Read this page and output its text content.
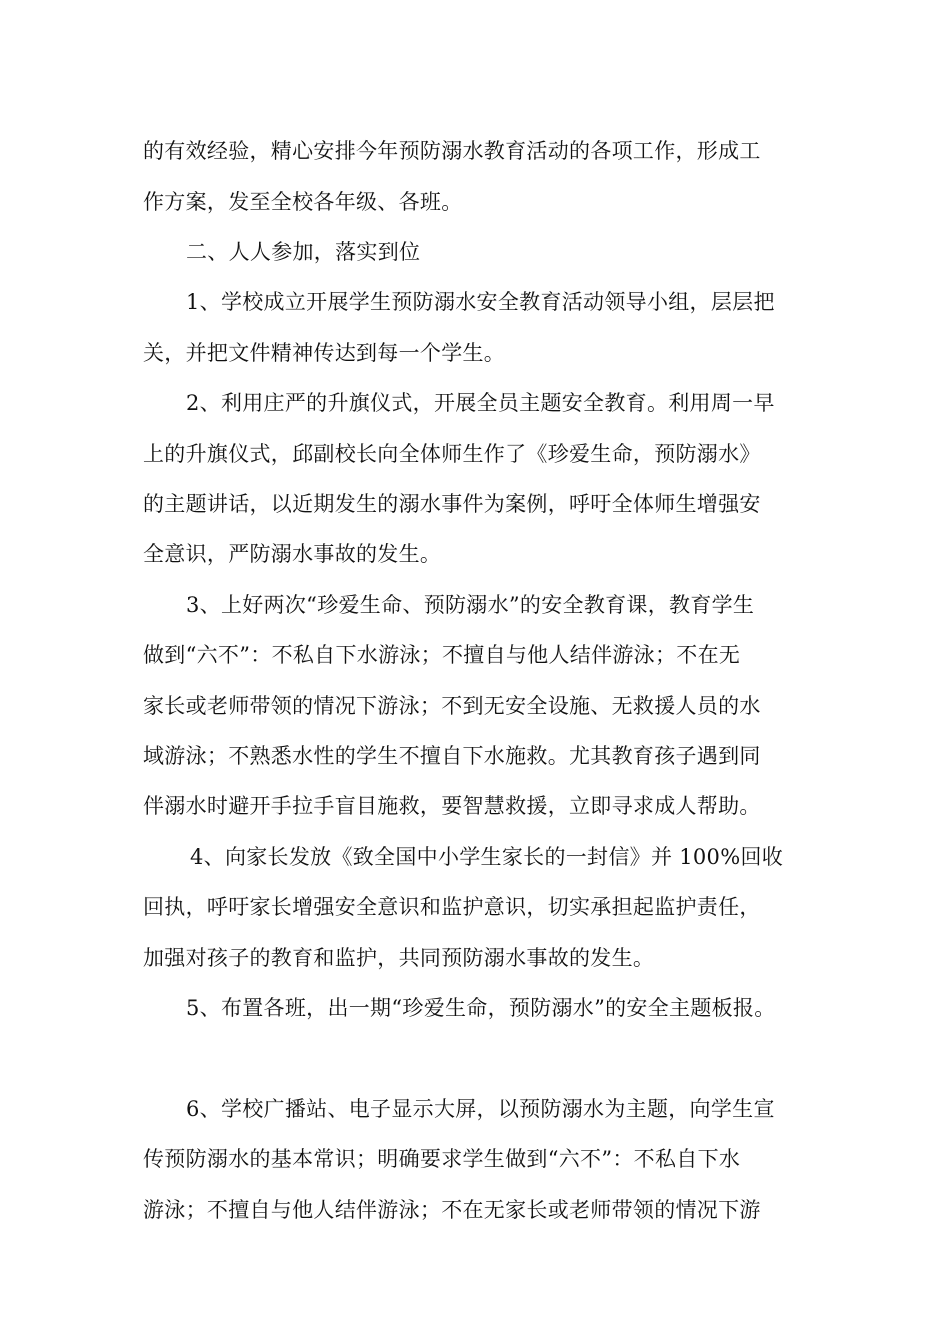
的有效经验，精心安排今年预防溺水教育活动的各项工作，形成工
作方案，发至全校各年级、各班。
二、人人参加，落实到位
1、学校成立开展学生预防溺水安全教育活动领导小组，层层把
关，并把文件精神传达到每一个学生。
2、利用庄严的升旗仪式，开展全员主题安全教育。利用周一早
上的升旗仪式，邱副校长向全体师生作了《珍爱生命，预防溺水》
的主题讲话，以近期发生的溺水事件为案例，呼吁全体师生增强安
全意识，严防溺水事故的发生。
3、上好两次“珍爱生命、预防溺水”的安全教育课，教育学生
做到“六不”：不私自下水游泳；不擅自与他人结伴游泳；不在无
家长或老师带领的情况下游泳；不到无安全设施、无救援人员的水
域游泳；不熟悉水性的学生不擅自下水施救。尤其教育孩子遇到同
伴溺水时避开手拉手盲目施救，要智慧救援，立即寻求成人帮助。
4、向家长发放《致全国中小学生家长的一封信》并 100%回收
回执，呼吁家长增强安全意识和监护意识，切实承担起监护责任，
加强对孩子的教育和监护，共同预防溺水事故的发生。
5、布置各班，出一期“珍爱生命，预防溺水”的安全主题板报。
6、学校广播站、电子显示大屏，以预防溺水为主题，向学生宣
传预防溺水的基本常识；明确要求学生做到“六不”：不私自下水
游泳；不擅自与他人结伴游泳；不在无家长或老师带领的情况下游
